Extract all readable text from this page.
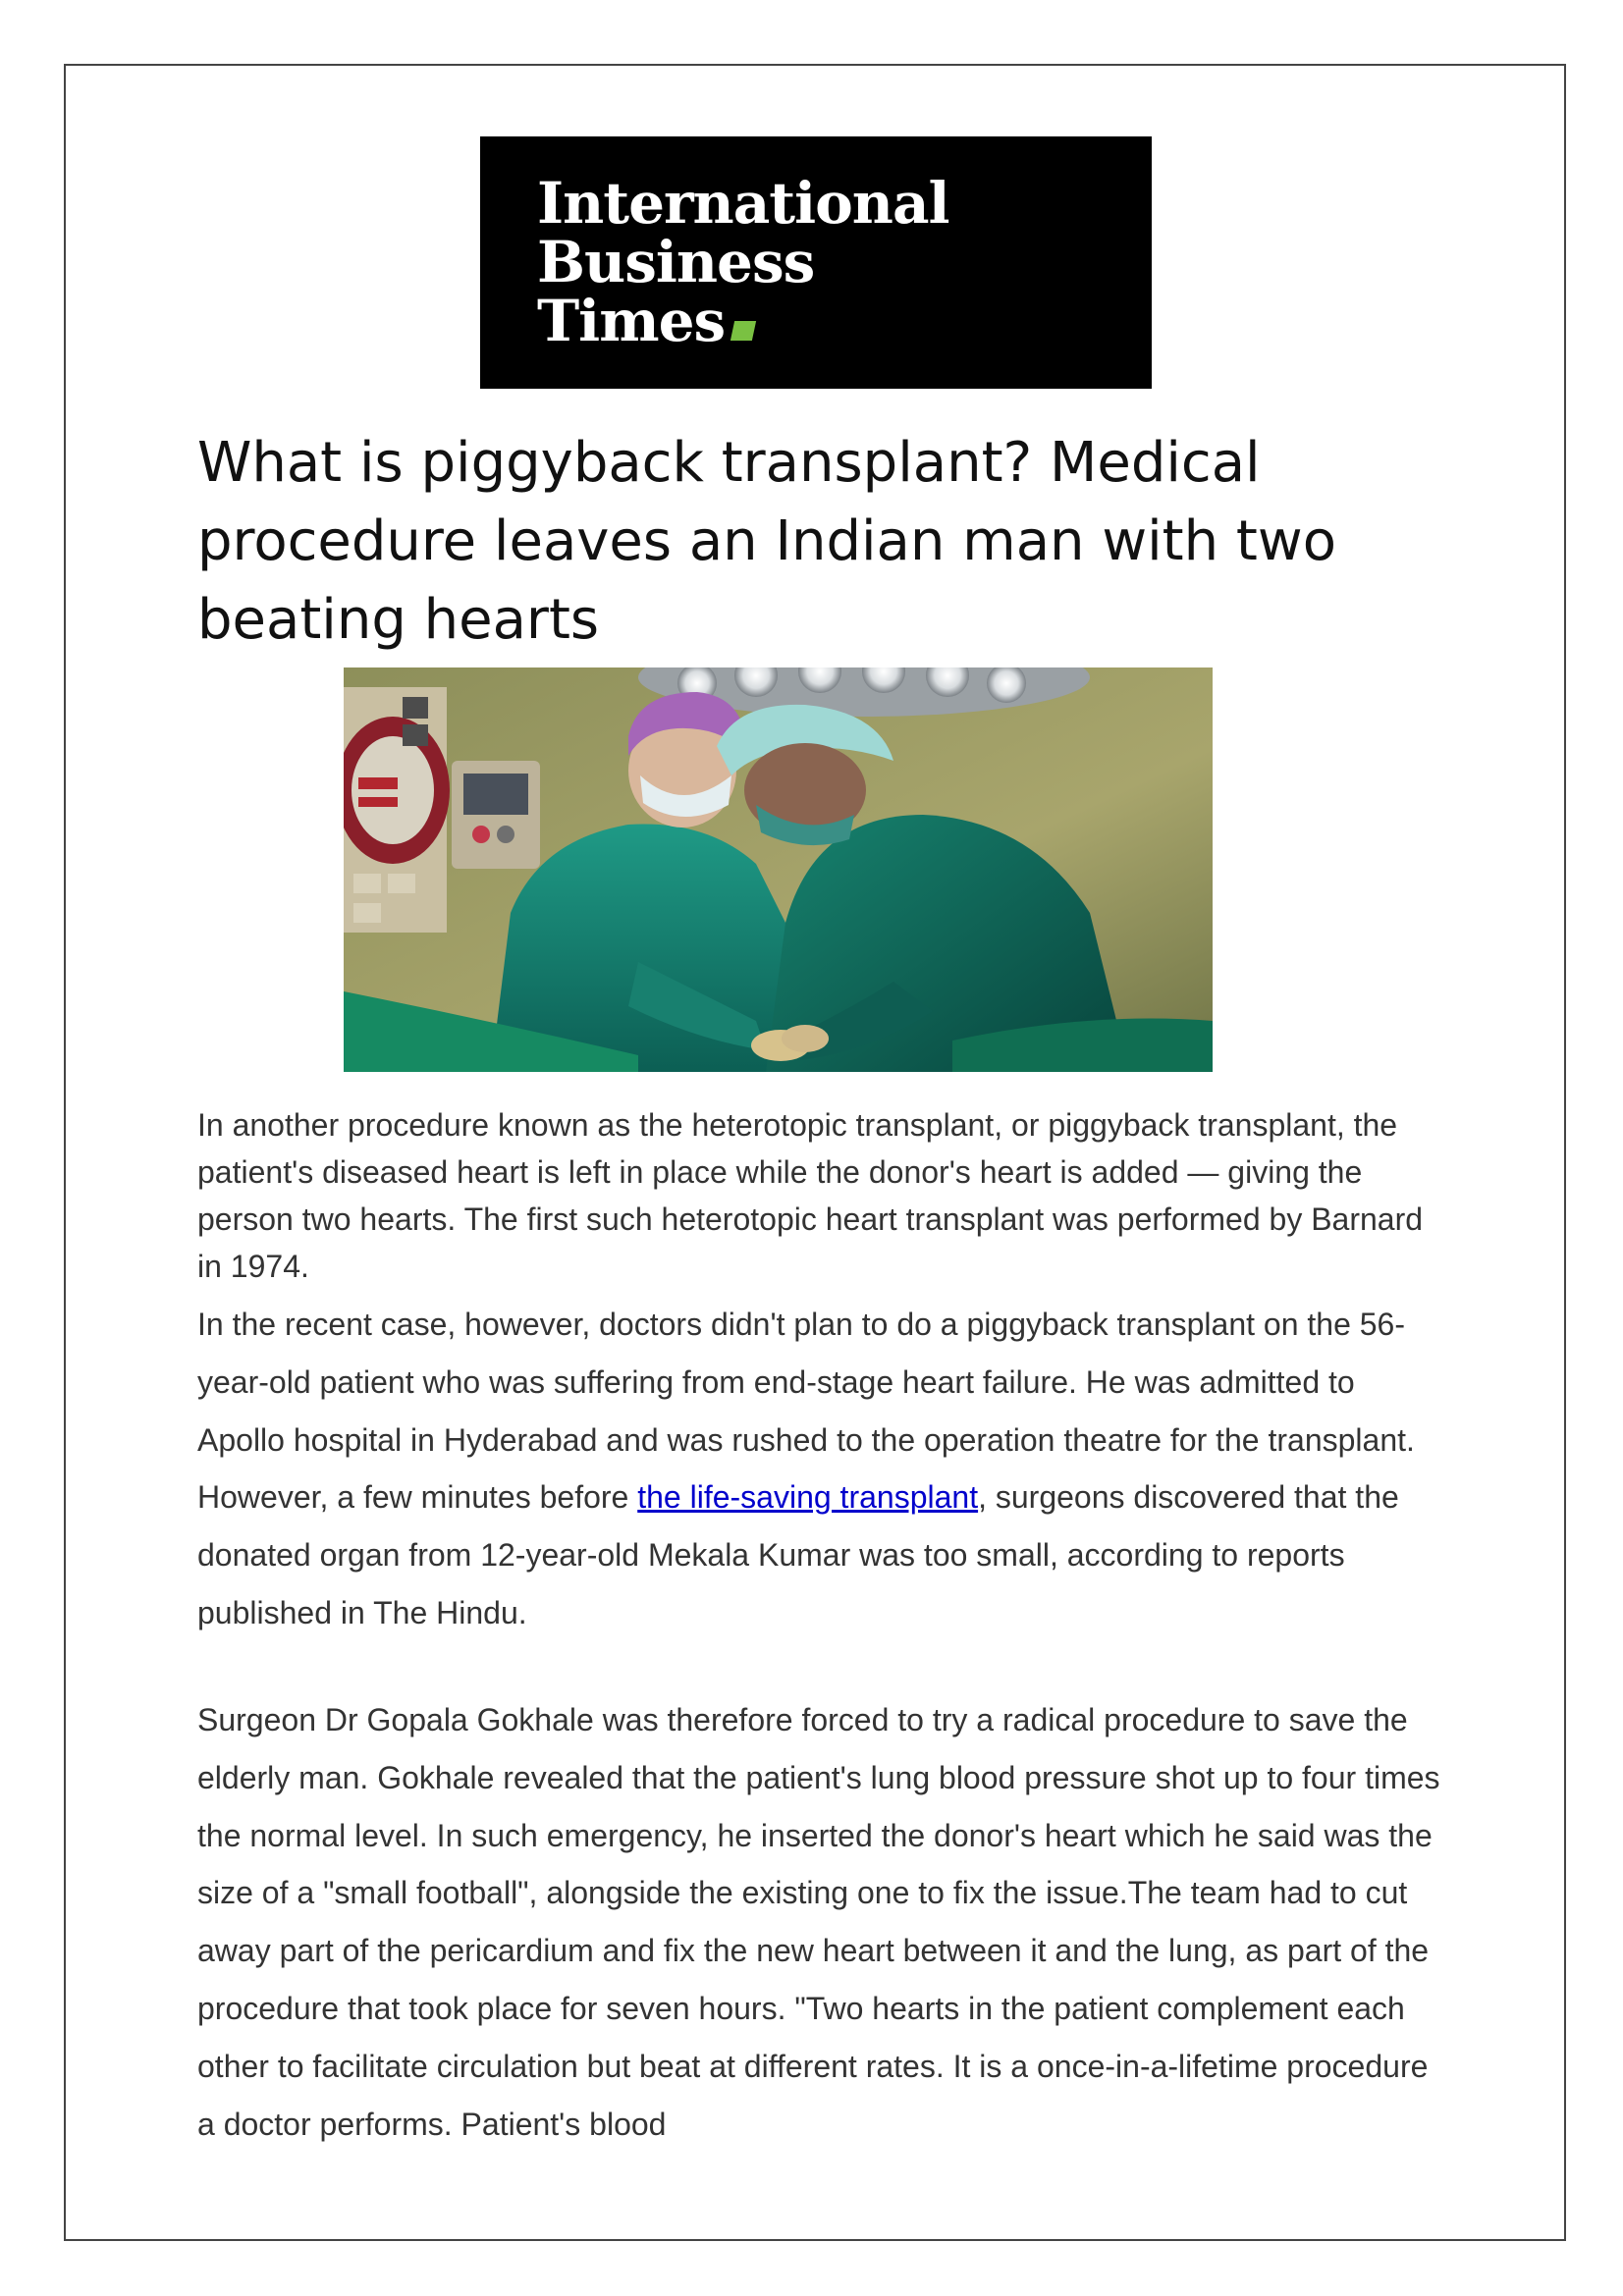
International
Business
Times
What is piggyback transplant? Medical procedure leaves an Indian man with two beating hearts

In another procedure known as the heterotopic transplant, or piggyback transplant, the patient's diseased heart is left in place while the donor's heart is added — giving the person two hearts. The first such heterotopic heart transplant was performed by Barnard in 1974.

In the recent case, however, doctors didn't plan to do a piggyback transplant on the 56-year-old patient who was suffering from end-stage heart failure. He was admitted to Apollo hospital in Hyderabad and was rushed to the operation theatre for the transplant. However, a few minutes before the life-saving transplant, surgeons discovered that the donated organ from 12-year-old Mekala Kumar was too small, according to reports published in The Hindu.

Surgeon Dr Gopala Gokhale was therefore forced to try a radical procedure to save the elderly man. Gokhale revealed that the patient's lung blood pressure shot up to four times the normal level. In such emergency, he inserted the donor's heart which he said was the size of a "small football", alongside the existing one to fix the issue.The team had to cut away part of the pericardium and fix the new heart between it and the lung, as part of the procedure that took place for seven hours. "Two hearts in the patient complement each other to facilitate circulation but beat at different rates. It is a once-in-a-lifetime procedure a doctor performs. Patient's blood
